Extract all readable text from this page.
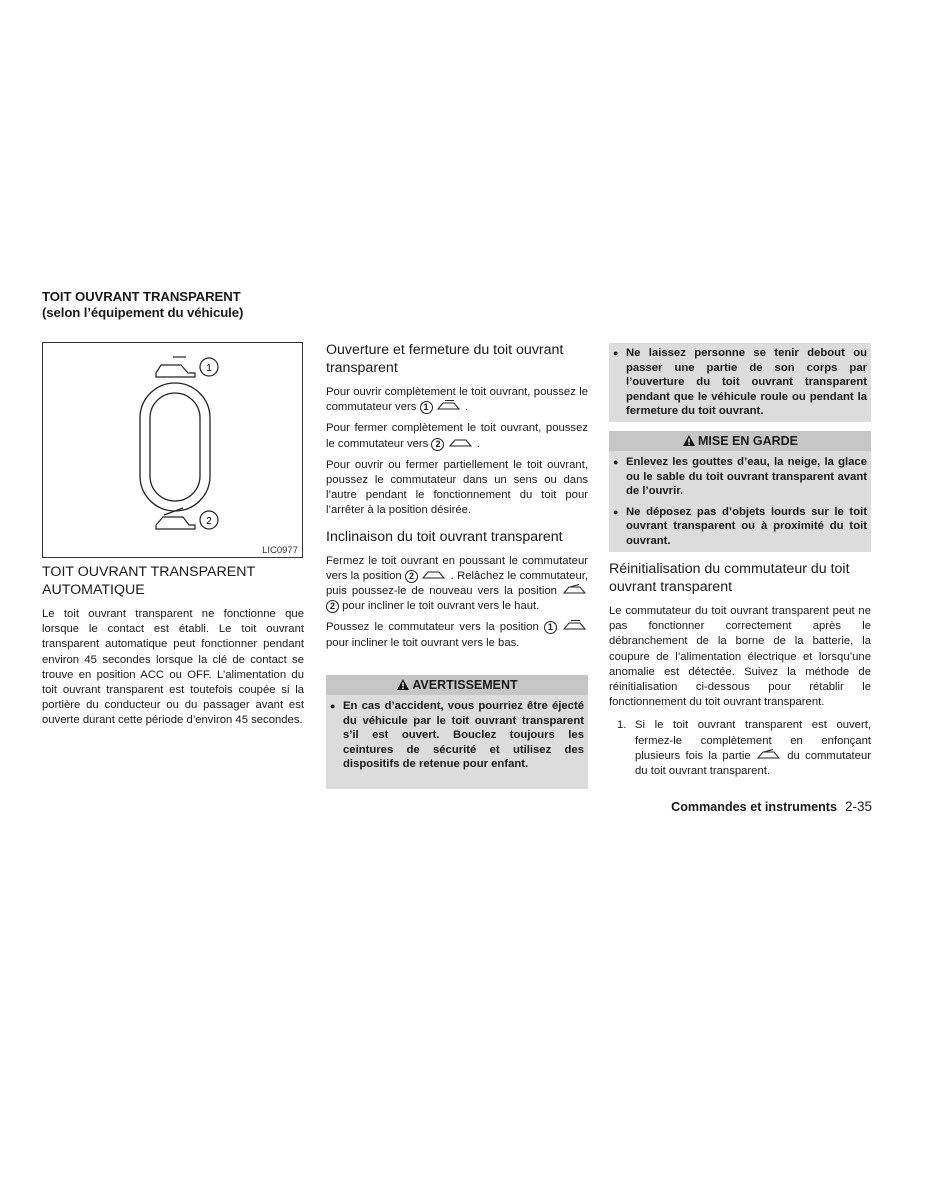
TOIT OUVRANT TRANSPARENT
(selon l’équipement du véhicule)
1
2
LIC0977
TOIT OUVRANT TRANSPARENT AUTOMATIQUE

Le toit ouvrant transparent ne fonctionne que lorsque le contact est établi. Le toit ouvrant transparent automatique peut fonctionner pendant environ 45 secondes lorsque la clé de contact se trouve en position ACC ou OFF. L’alimentation du toit ouvrant transparent est toutefois coupée si la portière du conducteur ou du passager avant est ouverte durant cette période d’environ 45 secondes.

Ouverture et fermeture du toit ouvrant transparent

Pour ouvrir complètement le toit ouvrant, poussez le commutateur vers 1	.

Pour fermer complètement le toit ouvrant, poussez le commutateur vers 2	.

Pour ouvrir ou fermer partiellement le toit ouvrant, poussez le commutateur dans un sens ou dans l’autre pendant le fonctionnement du toit pour l’arrêter à la position désirée.

Inclinaison du toit ouvrant transparent

Fermez le toit ouvrant en poussant le commutateur vers la position 2	. Relâchez le commutateur, puis poussez-le de nouveau vers la position  2 pour incliner le toit ouvrant vers le haut.

Poussez le commutateur vers la position 1  pour incliner le toit ouvrant vers le bas.

AVERTISSEMENT
● En cas d’accident, vous pourriez être éjecté du véhicule par le toit ouvrant transparent s’il est ouvert. Bouclez toujours les ceintures de sécurité et utilisez des dispositifs de retenue pour enfant.
● Ne laissez personne se tenir debout ou passer une partie de son corps par l’ouverture du toit ouvrant transparent pendant que le véhicule roule ou pendant la fermeture du toit ouvrant.
MISE EN GARDE
● Enlevez les gouttes d’eau, la neige, la glace ou le sable du toit ouvrant transparent avant de l’ouvrir.
● Ne déposez pas d’objets lourds sur le toit ouvrant transparent ou à proximité du toit ouvrant.
Réinitialisation du commutateur du toit ouvrant transparent

Le commutateur du toit ouvrant transparent peut ne pas fonctionner correctement après le débranchement de la borne de la batterie, la coupure de l’alimentation électrique et lorsqu’une anomalie est détectée. Suivez la méthode de réinitialisation ci-dessous pour rétablir le fonctionnement du toit ouvrant transparent.

1. Si le toit ouvrant transparent est ouvert, fermez-le complètement en enfonçant plusieurs fois la partie	du commutateur du toit ouvrant transparent.
Commandes et instruments 2-35
